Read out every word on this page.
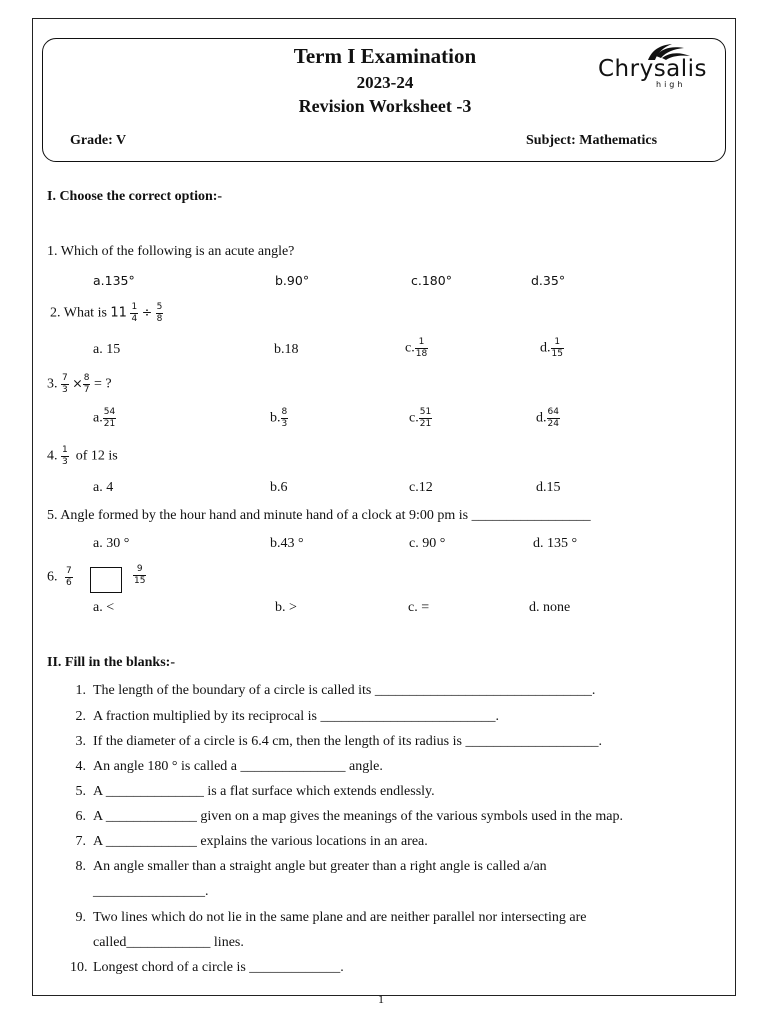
Term I Examination
2023-24
Revision Worksheet -3
Grade: V	Subject: Mathematics
Chrysalis
high
I. Choose the correct option:-
1. Which of the following is an acute angle?
a.135°	b.90°	c.180°	d.35°
2. What is $11 \frac{1}{4} \div \frac{5}{8}$
a. 15	b.18	c. $\frac{1}{18}$	d. $\frac{1}{15}$
3. $\frac{7}{3} \times \frac{8}{7}$ = ?
a. $\frac{54}{21}$	b. $\frac{8}{3}$	c. $\frac{51}{21}$	d. $\frac{64}{24}$
4. $\frac{1}{3}$ of 12 is
a. 4	b.6	c.12	d.15
5. Angle formed by the hour hand and minute hand of a clock at 9:00 pm is _________________
a. 30 °	b.43 °	c. 90 °	d. 135 °
6. $\frac{7}{6}$	$\frac{9}{15}$
a. <	b. >	c. =	d. none
II. Fill in the blanks:-
1. The length of the boundary of a circle is called its _______________________________.
2. A fraction multiplied by its reciprocal is _________________________.
3. If the diameter of a circle is 6.4 cm, then the length of its radius is ___________________.
4. An angle 180 ° is called a _______________ angle.
5. A ______________ is a flat surface which extends endlessly.
6. A _____________ given on a map gives the meanings of the various symbols used in the map.
7. A _____________ explains the various locations in an area.
8. An angle smaller than a straight angle but greater than a right angle is called a/an
________________.
9. Two lines which do not lie in the same plane and are neither parallel nor intersecting are
called____________ lines.
10. Longest chord of a circle is _____________.
1
